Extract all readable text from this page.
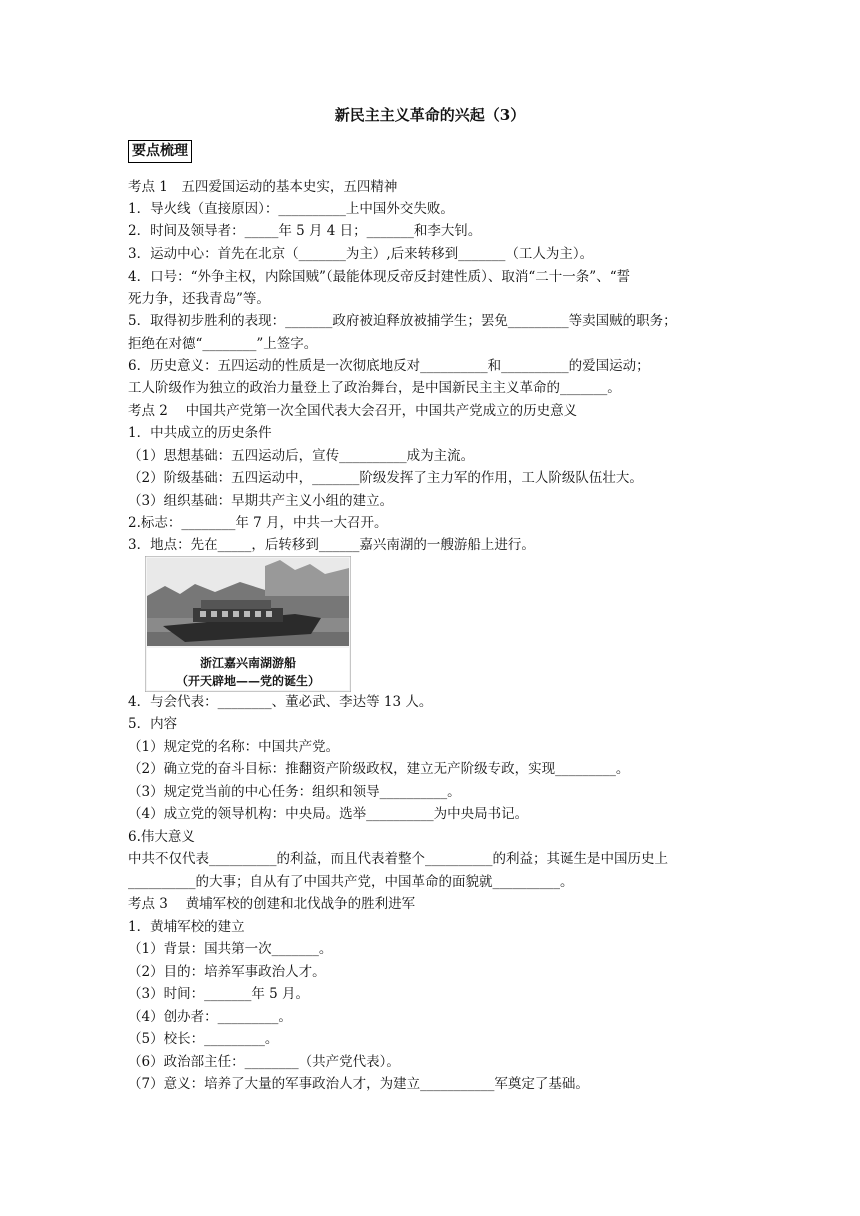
新民主主义革命的兴起（3）
要点梳理
考点 1　五四爱国运动的基本史实，五四精神
1．导火线（直接原因）：__________上中国外交失败。
2．时间及领导者：_____年 5 月 4 日；_______和李大钊。
3．运动中心：首先在北京（_______为主）,后来转移到_______（工人为主）。
4．口号：“外争主权，内除国贼”（最能体现反帝反封建性质）、取消“二十一条”、“誓
死力争，还我青岛”等。
5．取得初步胜利的表现：_______政府被迫释放被捕学生；罢免_________等卖国贼的职务；
拒绝在对德“________”上签字。
6．历史意义：五四运动的性质是一次彻底地反对__________和__________的爱国运动；
工人阶级作为独立的政治力量登上了政治舞台，是中国新民主主义革命的_______。
考点 2　 中国共产党第一次全国代表大会召开，中国共产党成立的历史意义
1．中共成立的历史条件
（1）思想基础：五四运动后，宣传__________成为主流。
（2）阶级基础：五四运动中，_______阶级发挥了主力军的作用，工人阶级队伍壮大。
（3）组织基础：早期共产主义小组的建立。
2.标志：________年 7 月，中共一大召开。
3．地点：先在_____，后转移到______嘉兴南湖的一艘游船上进行。
浙江嘉兴南湖游船
（开天辟地——党的诞生）
4．与会代表：________、董必武、李达等 13 人。
5．内容
（1）规定党的名称：中国共产党。
（2）确立党的奋斗目标：推翻资产阶级政权，建立无产阶级专政，实现_________。
（3）规定党当前的中心任务：组织和领导__________。
（4）成立党的领导机构：中央局。选举__________为中央局书记。
6.伟大意义
中共不仅代表__________的利益，而且代表着整个__________的利益；其诞生是中国历史上
__________的大事；自从有了中国共产党，中国革命的面貌就__________。
考点 3　 黄埔军校的创建和北伐战争的胜利进军
1．黄埔军校的建立
（1）背景：国共第一次_______。
（2）目的：培养军事政治人才。
（3）时间：_______年 5 月。
（4）创办者：_________。
（5）校长：_________。
（6）政治部主任：________（共产党代表）。
（7）意义：培养了大量的军事政治人才，为建立___________军奠定了基础。
